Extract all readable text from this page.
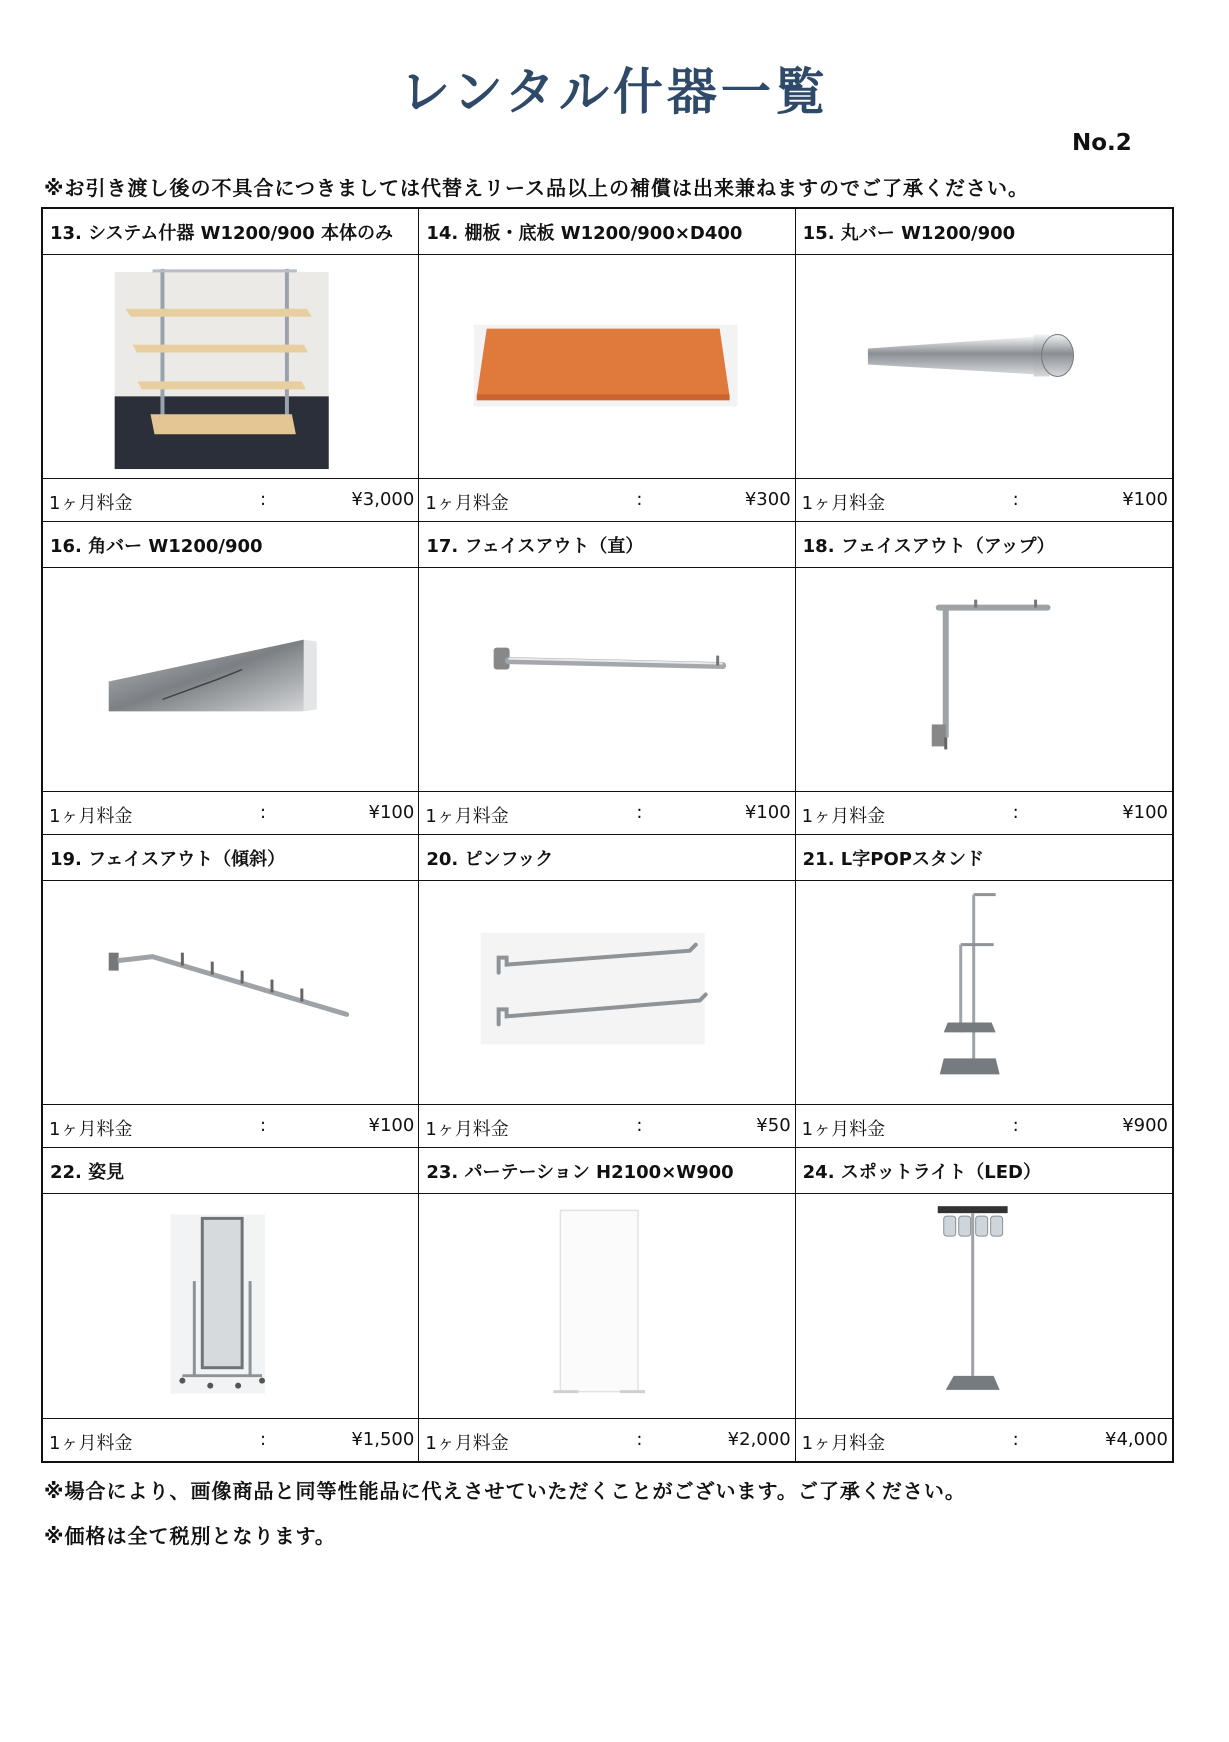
レンタル什器一覧
No.2
※お引き渡し後の不具合につきましては代替えリース品以上の補償は出来兼ねますのでご了承ください。
13. システム什器 W1200/900 本体のみ
1ヶ月料金	:	¥3,000
14. 棚板・底板 W1200/900×D400
1ヶ月料金	:	¥300
15. 丸バー W1200/900
1ヶ月料金	:	¥100
16. 角バー W1200/900
1ヶ月料金	:	¥100
17. フェイスアウト（直）
1ヶ月料金	:	¥100
18. フェイスアウト（アップ）
1ヶ月料金	:	¥100
19. フェイスアウト（傾斜）
1ヶ月料金	:	¥100
20. ピンフック
1ヶ月料金	:	¥50
21. L字POPスタンド
1ヶ月料金	:	¥900
22. 姿見
1ヶ月料金	:	¥1,500
23. パーテーション H2100×W900
1ヶ月料金	:	¥2,000
24. スポットライト（LED）
1ヶ月料金	:	¥4,000
※場合により、画像商品と同等性能品に代えさせていただくことがございます。ご了承ください。
※価格は全て税別となります。
